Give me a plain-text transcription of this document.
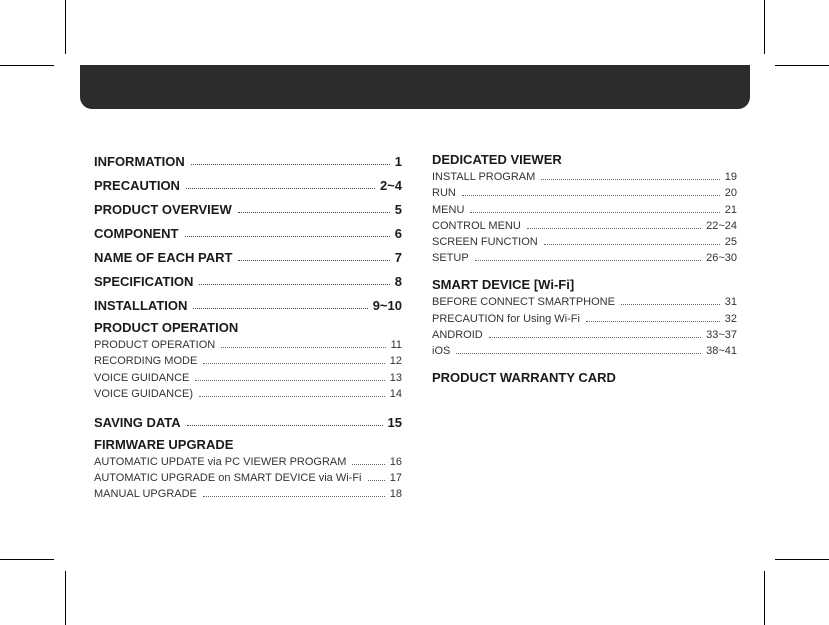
INFORMATION	1
PRECAUTION	2~4
PRODUCT OVERVIEW	5
COMPONENT	6
NAME OF EACH PART	7
SPECIFICATION	8
INSTALLATION	9~10
PRODUCT OPERATION
PRODUCT OPERATION	11
RECORDING MODE	12
VOICE GUIDANCE	13
VOICE GUIDANCE)	14
SAVING DATA	15
FIRMWARE UPGRADE
AUTOMATIC UPDATE via PC VIEWER PROGRAM	16
AUTOMATIC UPGRADE on SMART DEVICE via Wi-Fi	17
MANUAL UPGRADE	18
DEDICATED VIEWER
INSTALL PROGRAM	19
RUN	20
MENU	21
CONTROL MENU	22~24
SCREEN FUNCTION	25
SETUP	26~30
SMART DEVICE [Wi-Fi]
BEFORE CONNECT SMARTPHONE	31
PRECAUTION for Using Wi-Fi	32
ANDROID	33~37
iOS	38~41
PRODUCT WARRANTY CARD
